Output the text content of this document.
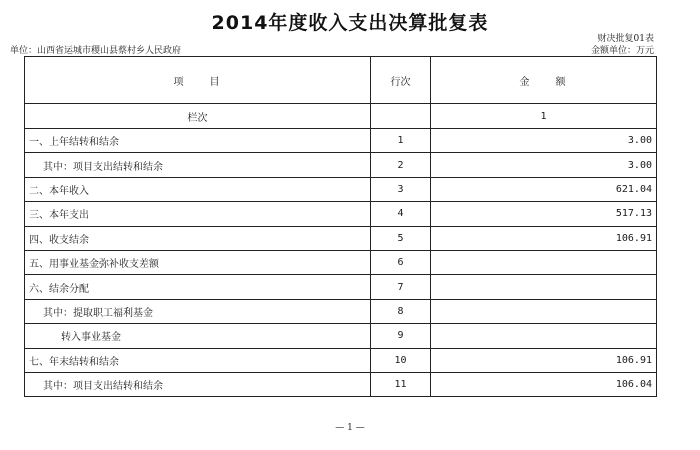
2014年度收入支出决算批复表
财决批复01表
单位：山西省运城市稷山县蔡村乡人民政府	金额单位：万元
项　　目	行次	金　　额
栏次		1
一、上年结转和结余	1	3.00
其中：项目支出结转和结余	2	3.00
二、本年收入	3	621.04
三、本年支出	4	517.13
四、收支结余	5	106.91
五、用事业基金弥补收支差额	6	
六、结余分配	7	
其中：提取职工福利基金	8	
转入事业基金	9	
七、年末结转和结余	10	106.91
其中：项目支出结转和结余	11	106.04
— 1 —
